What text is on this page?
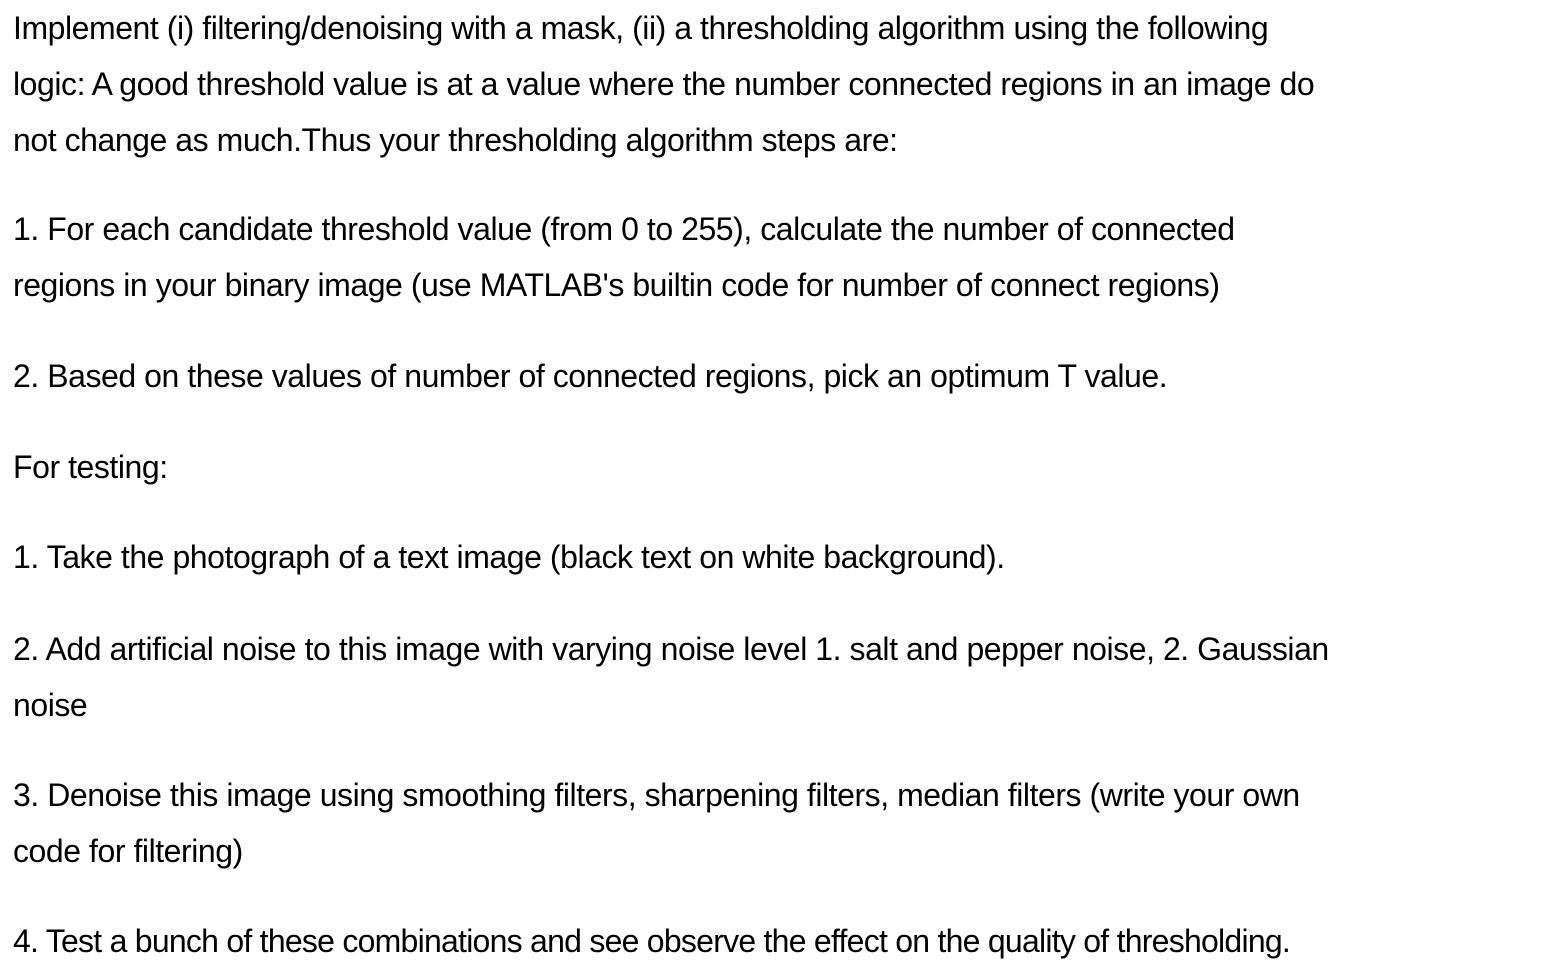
Implement (i) filtering/denoising with a mask, (ii) a thresholding algorithm using the following
logic: A good threshold value is at a value where the number connected regions in an image do
not change as much.Thus your thresholding algorithm steps are:

1. For each candidate threshold value (from 0 to 255), calculate the number of connected
regions in your binary image (use MATLAB's builtin code for number of connect regions)

2. Based on these values of number of connected regions, pick an optimum T value.

For testing:

1. Take the photograph of a text image (black text on white background).

2. Add artificial noise to this image with varying noise level 1. salt and pepper noise, 2. Gaussian
noise

3. Denoise this image using smoothing filters, sharpening filters, median filters (write your own
code for filtering)

4. Test a bunch of these combinations and see observe the effect on the quality of thresholding.
